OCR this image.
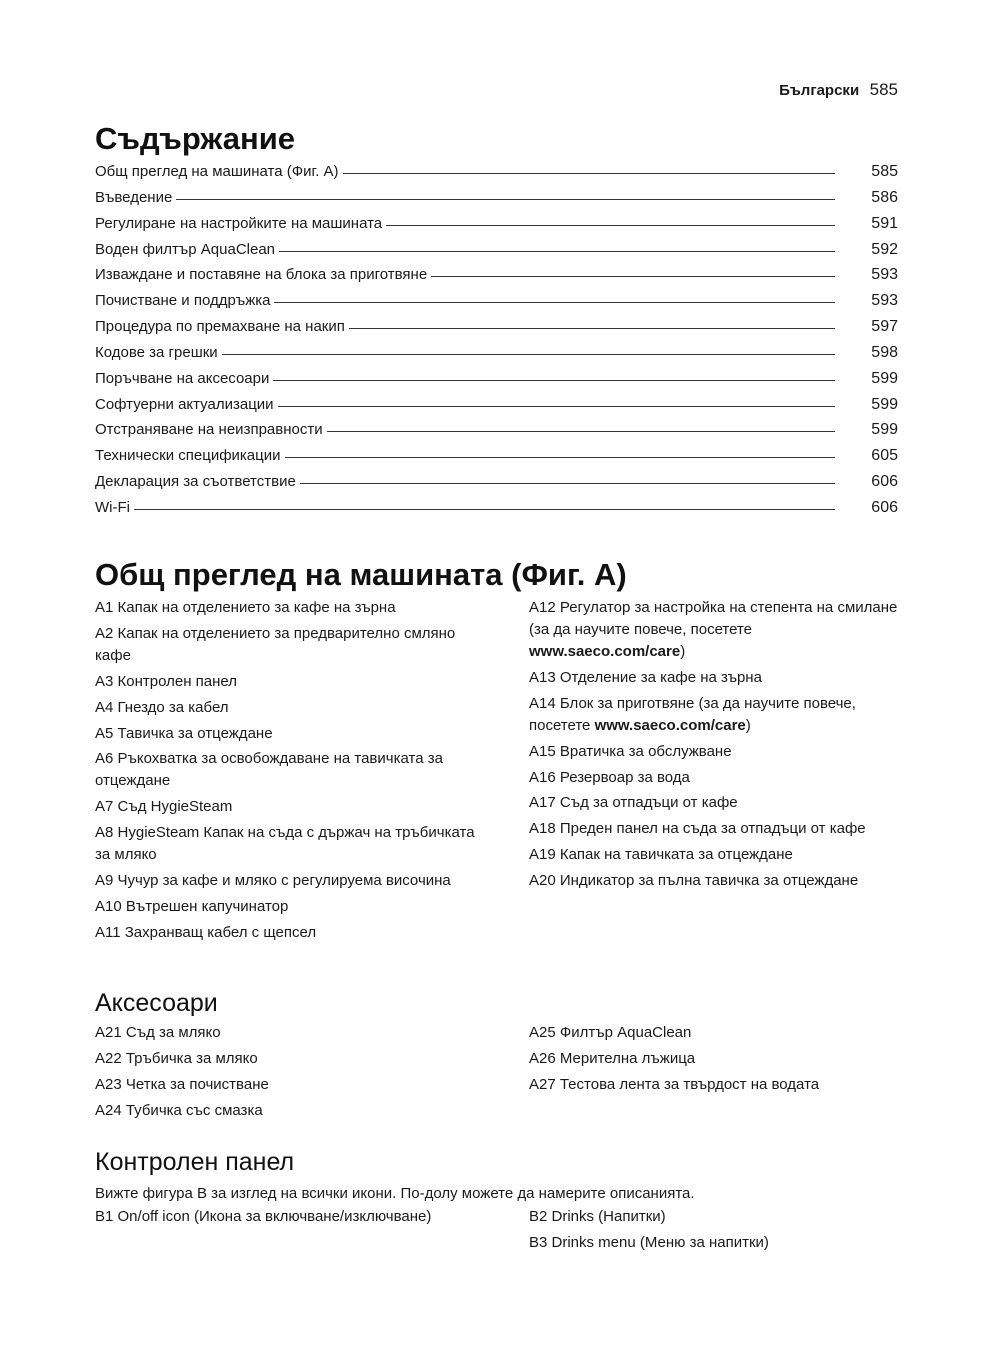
Български 585
Съдържание
Общ преглед на машината (Фиг. A)	585
Въведение	586
Регулиране на настройките на машината	591
Воден филтър AquaClean	592
Изваждане и поставяне на блока за приготвяне	593
Почистване и поддръжка	593
Процедура по премахване на накип	597
Кодове за грешки	598
Поръчване на аксесоари	599
Софтуерни актуализации	599
Отстраняване на неизправности	599
Технически спецификации	605
Декларация за съответствие	606
Wi-Fi	606
Общ преглед на машината (Фиг. A)
A1 Капак на отделението за кафе на зърна
A2 Капак на отделението за предварително смляно кафе
A3 Контролен панел
A4 Гнездо за кабел
A5 Тавичка за отцеждане
A6 Ръкохватка за освобождаване на тавичката за отцеждане
A7 Съд HygieSteam
A8 HygieSteam Капак на съда с държач на тръбичката за мляко
A9 Чучур за кафе и мляко с регулируема височина
A10 Вътрешен капучинатор
A11 Захранващ кабел с щепсел
A12 Регулатор за настройка на степента на смилане (за да научите повече, посетете www.saeco.com/care)
A13 Отделение за кафе на зърна
A14 Блок за приготвяне (за да научите повече, посетете www.saeco.com/care)
A15 Вратичка за обслужване
A16 Резервоар за вода
A17 Съд за отпадъци от кафе
A18 Преден панел на съда за отпадъци от кафе
A19 Капак на тавичката за отцеждане
A20 Индикатор за пълна тавичка за отцеждане
Аксесоари
A21 Съд за мляко
A22 Тръбичка за мляко
A23 Четка за почистване
A24 Тубичка със смазка
A25 Филтър AquaClean
A26 Мерителна лъжица
A27 Тестова лента за твърдост на водата
Контролен панел

Вижте фигура B за изглед на всички икони. По-долу можете да намерите описанията.

B1 On/off icon (Икона за включване/изключване)	B2 Drinks (Напитки)
B3 Drinks menu (Меню за напитки)
